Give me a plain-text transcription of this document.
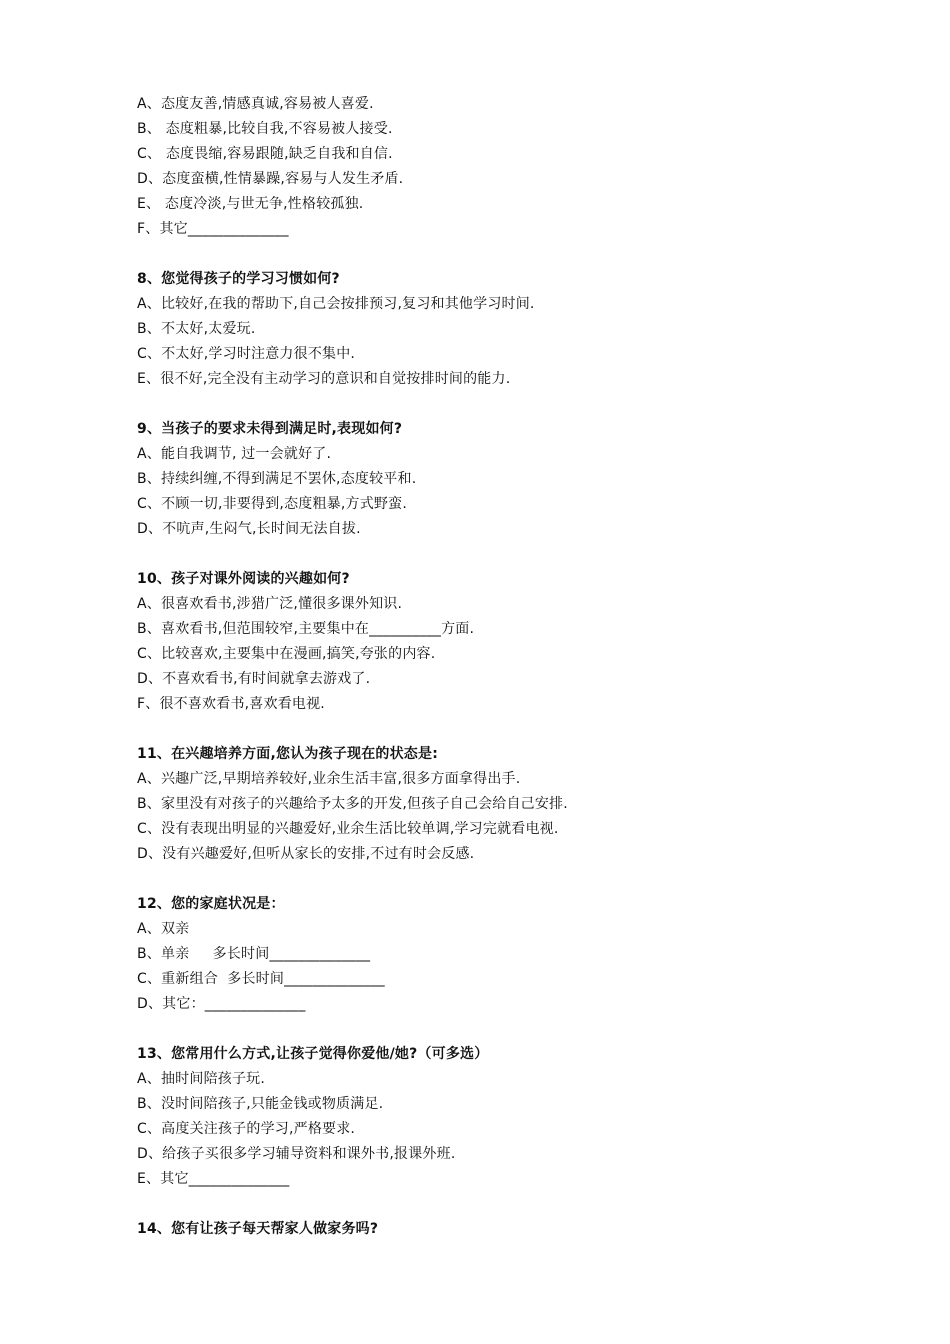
A、态度友善,情感真诚,容易被人喜爱.
B、 态度粗暴,比较自我,不容易被人接受.
C、 态度畏缩,容易跟随,缺乏自我和自信.
D、态度蛮横,性情暴躁,容易与人发生矛盾.
E、 态度冷淡,与世无争,性格较孤独.
F、其它______________
8、您觉得孩子的学习习惯如何?
A、比较好,在我的帮助下,自己会按排预习,复习和其他学习时间.
B、不太好,太爱玩.
C、不太好,学习时注意力很不集中.
E、很不好,完全没有主动学习的意识和自觉按排时间的能力.
9、当孩子的要求未得到满足时,表现如何?
A、能自我调节, 过一会就好了.
B、持续纠缠,不得到满足不罢休,态度较平和.
C、不顾一切,非要得到,态度粗暴,方式野蛮.
D、不吭声,生闷气,长时间无法自拔.
10、孩子对课外阅读的兴趣如何?
A、很喜欢看书,涉猎广泛,懂很多课外知识.
B、喜欢看书,但范围较窄,主要集中在__________方面.
C、比较喜欢,主要集中在漫画,搞笑,夸张的内容.
D、不喜欢看书,有时间就拿去游戏了.
F、很不喜欢看书,喜欢看电视.
11、在兴趣培养方面,您认为孩子现在的状态是:
A、兴趣广泛,早期培养较好,业余生活丰富,很多方面拿得出手.
B、家里没有对孩子的兴趣给予太多的开发,但孩子自己会给自己安排.
C、没有表现出明显的兴趣爱好,业余生活比较单调,学习完就看电视.
D、没有兴趣爱好,但听从家长的安排,不过有时会反感.
12、您的家庭状况是：
A、双亲
B、单亲     多长时间______________
C、重新组合  多长时间______________
D、其它：______________
13、您常用什么方式,让孩子觉得你爱他/她?（可多选）
A、抽时间陪孩子玩.
B、没时间陪孩子,只能金钱或物质满足.
C、高度关注孩子的学习,严格要求.
D、给孩子买很多学习辅导资料和课外书,报课外班.
E、其它______________
14、您有让孩子每天帮家人做家务吗?
